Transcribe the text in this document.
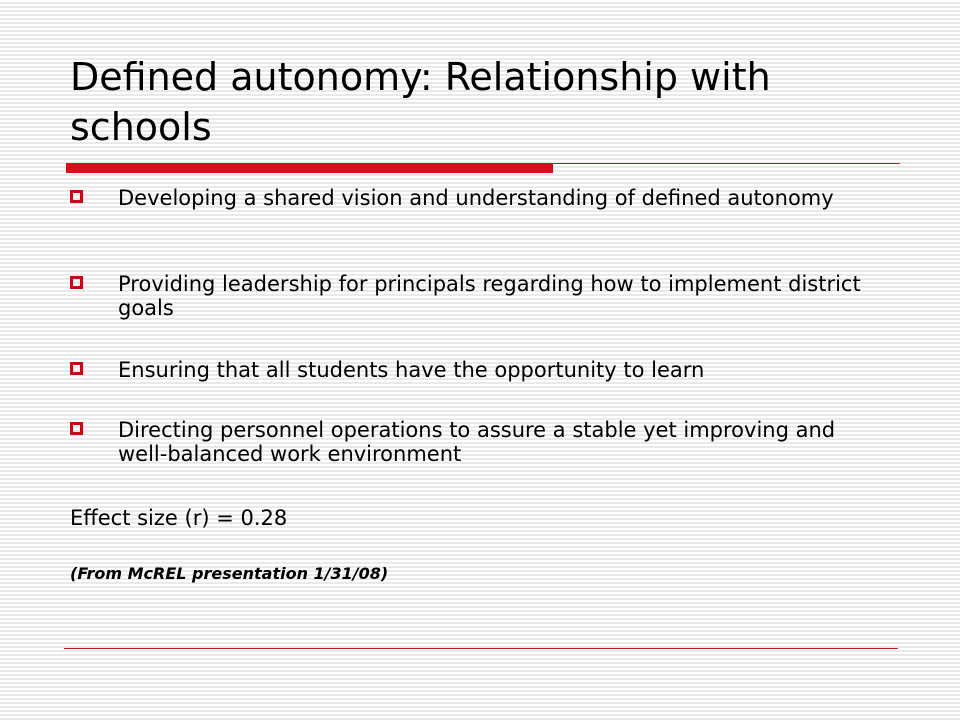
Defined autonomy: Relationship with schools
Developing a shared vision and understanding of defined autonomy
Providing leadership for principals regarding how to implement district goals
Ensuring that all students have the opportunity to learn
Directing personnel operations to assure a stable yet improving and well-balanced work environment
Effect size (r) = 0.28
(From McREL presentation 1/31/08)
